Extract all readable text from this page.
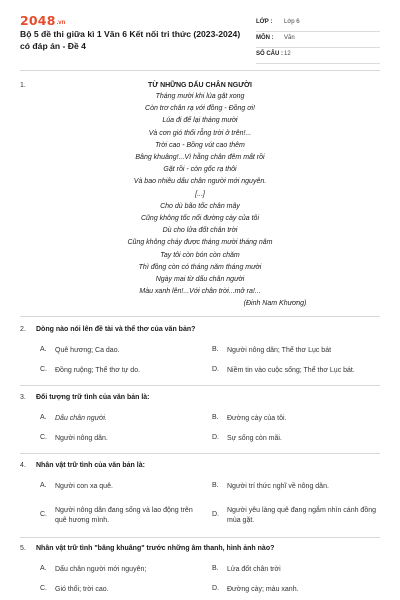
2048.vn
Bộ 5 đề thi giữa kì 1 Văn 6 Kết nối tri thức (2023-2024) có đáp án - Đề 4
LỚP : Lớp 6
MÔN : Văn
SỐ CÂU : 12
1.	TỪ NHỮNG DẤU CHÂN NGƯỜI
Tháng mười khi lúa gặt xong
Còn trơ chân rạ với đồng - Đồng ơi!
Lúa đi để lại tháng mười
Và cơn gió thổi rỗng trời ở trên!...
Trời cao - Bồng vút cao thêm
Bâng khuâng!...Vì hằng chân đêm mất rồi
Gặt rồi - còn gốc rạ thôi
Và bao nhiêu dấu chân người mới nguyên.
[...]
Cho dù bão tốc chân mây
Cũng không tốc nổi đường cày của tôi
Dù cho lửa đốt chân trời
Cũng không cháy được tháng mười tháng năm
Tay tôi còn bón còn chăm
Thì đồng còn có tháng năm tháng mười
Ngày mai từ dấu chân người
Màu xanh lên!...Với chân trời...mở ra!...
(Đinh Nam Khương)
2. Dòng nào nói lên đề tài và thể thơ của văn bản?
A. Quê hương; Ca dao.	B. Người nông dân; Thể thơ Lục bát
C. Đồng ruộng; Thể thơ tự do.	D. Niềm tin vào cuộc sống; Thể thơ Lục bát.
3. Đối tượng trữ tình của văn bản là:
A. Dấu chân người.	B. Đường cày của tôi.
C. Người nông dân.	D. Sự sống còn mãi.
4. Nhân vật trữ tình của văn bản là:
A. Người con xa quê.	B. Người trí thức nghĩ về nông dân.
C.
Người nông dân đang sống và lao động trên quê hương mình.
D.
Người yêu làng quê đang ngắm nhìn cánh đồng mùa gặt.
5. Nhân vật trữ tình "bâng khuâng" trước những âm thanh, hình ảnh nào?
A. Dấu chân người mới nguyên;	B. Lửa đốt chân trời
C. Gió thổi; trời cao.	D. Đường cày; màu xanh.
